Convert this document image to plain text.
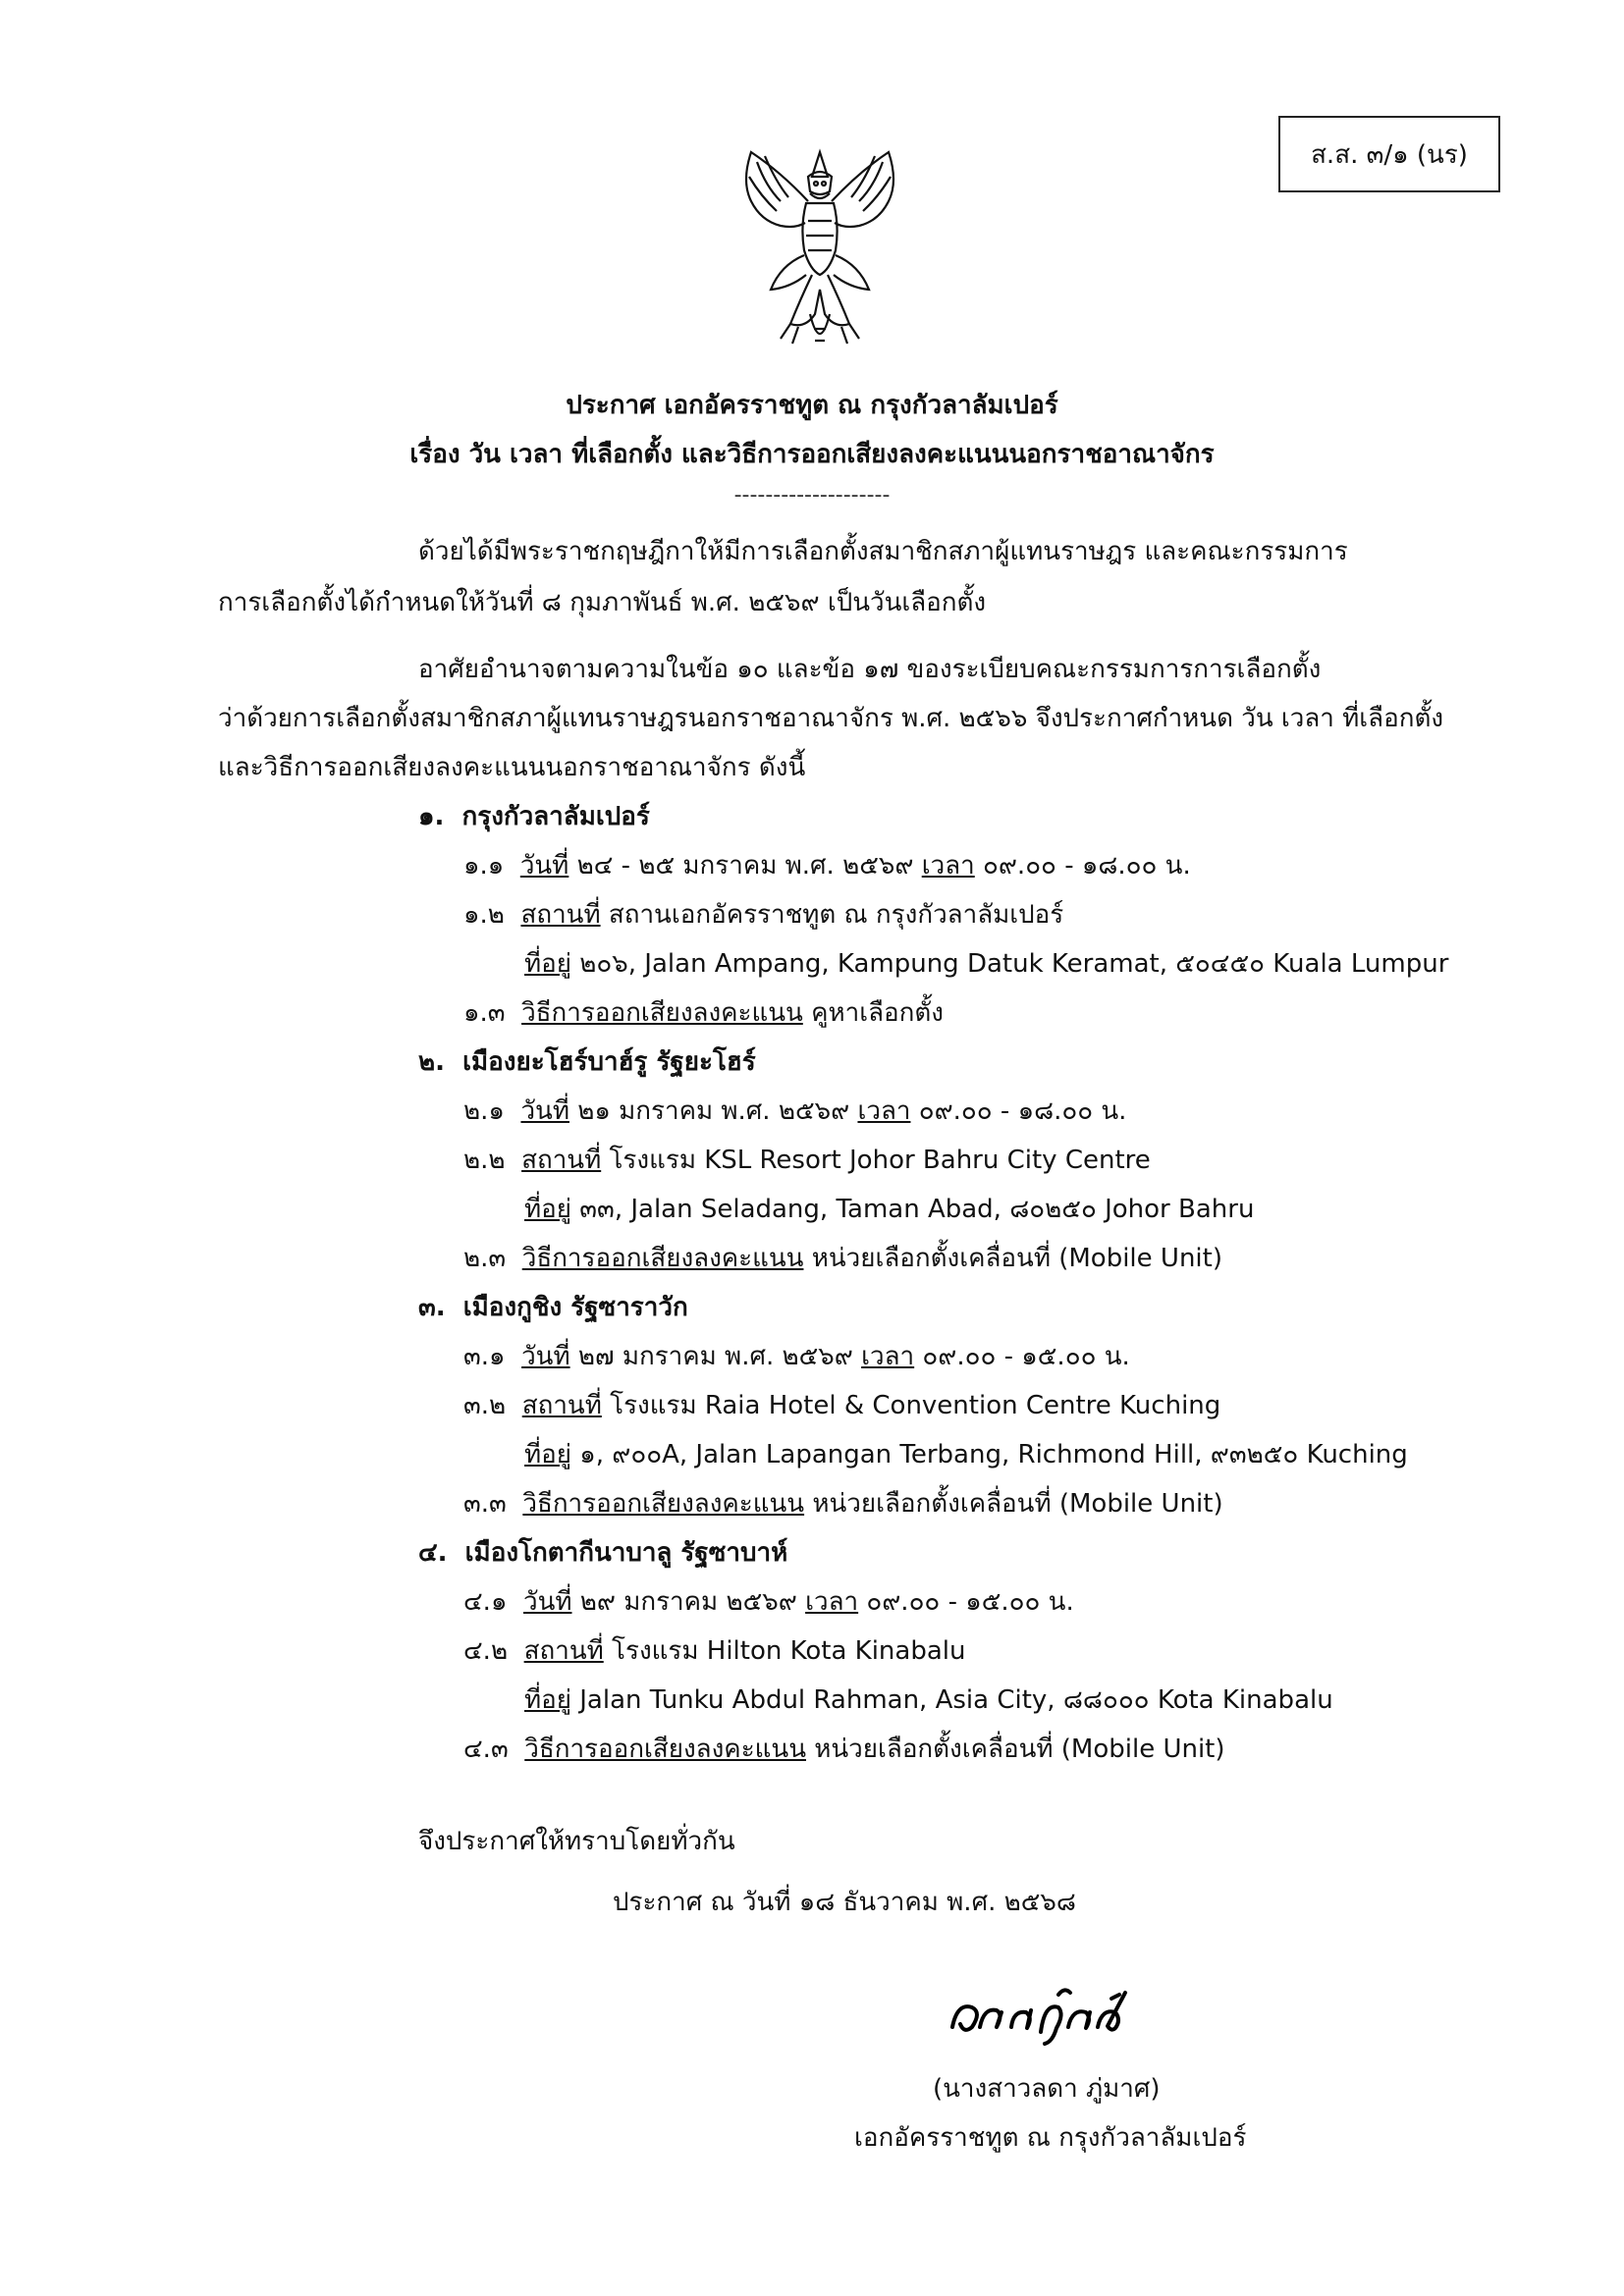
ส.ส. ๓/๑ (นร)
ประกาศ เอกอัครราชทูต ณ กรุงกัวลาลัมเปอร์
เรื่อง วัน เวลา ที่เลือกตั้ง และวิธีการออกเสียงลงคะแนนนอกราชอาณาจักร
--------------------
ด้วยได้มีพระราชกฤษฎีกาให้มีการเลือกตั้งสมาชิกสภาผู้แทนราษฎร และคณะกรรมการ
การเลือกตั้งได้กำหนดให้วันที่ ๘ กุมภาพันธ์ พ.ศ. ๒๕๖๙ เป็นวันเลือกตั้ง
อาศัยอำนาจตามความในข้อ ๑๐ และข้อ ๑๗ ของระเบียบคณะกรรมการการเลือกตั้ง
ว่าด้วยการเลือกตั้งสมาชิกสภาผู้แทนราษฎรนอกราชอาณาจักร พ.ศ. ๒๕๖๖ จึงประกาศกำหนด วัน เวลา ที่เลือกตั้ง
และวิธีการออกเสียงลงคะแนนนอกราชอาณาจักร ดังนี้
๑. กรุงกัวลาลัมเปอร์
๑.๑ วันที่ ๒๔ - ๒๕ มกราคม พ.ศ. ๒๕๖๙ เวลา ๐๙.๐๐ - ๑๘.๐๐ น.
๑.๒ สถานที่ สถานเอกอัครราชทูต ณ กรุงกัวลาลัมเปอร์
ที่อยู่ ๒๐๖, Jalan Ampang, Kampung Datuk Keramat, ๕๐๔๕๐ Kuala Lumpur
๑.๓ วิธีการออกเสียงลงคะแนน คูหาเลือกตั้ง
๒. เมืองยะโฮร์บาฮ์รู รัฐยะโฮร์
๒.๑ วันที่ ๒๑ มกราคม พ.ศ. ๒๕๖๙ เวลา ๐๙.๐๐ - ๑๘.๐๐ น.
๒.๒ สถานที่ โรงแรม KSL Resort Johor Bahru City Centre
ที่อยู่ ๓๓, Jalan Seladang, Taman Abad, ๘๐๒๕๐ Johor Bahru
๒.๓ วิธีการออกเสียงลงคะแนน หน่วยเลือกตั้งเคลื่อนที่ (Mobile Unit)
๓. เมืองกูชิง รัฐซาราวัก
๓.๑ วันที่ ๒๗ มกราคม พ.ศ. ๒๕๖๙ เวลา ๐๙.๐๐ - ๑๕.๐๐ น.
๓.๒ สถานที่ โรงแรม Raia Hotel & Convention Centre Kuching
ที่อยู่ ๑, ๙๐๐A, Jalan Lapangan Terbang, Richmond Hill, ๙๓๒๕๐ Kuching
๓.๓ วิธีการออกเสียงลงคะแนน หน่วยเลือกตั้งเคลื่อนที่ (Mobile Unit)
๔. เมืองโกตากีนาบาลู รัฐซาบาห์
๔.๑ วันที่ ๒๙ มกราคม ๒๕๖๙ เวลา ๐๙.๐๐ - ๑๕.๐๐ น.
๔.๒ สถานที่ โรงแรม Hilton Kota Kinabalu
ที่อยู่ Jalan Tunku Abdul Rahman, Asia City, ๘๘๐๐๐ Kota Kinabalu
๔.๓ วิธีการออกเสียงลงคะแนน หน่วยเลือกตั้งเคลื่อนที่ (Mobile Unit)
จึงประกาศให้ทราบโดยทั่วกัน
ประกาศ ณ วันที่ ๑๘ ธันวาคม พ.ศ. ๒๕๖๘
(นางสาวลดา ภู่มาศ)
เอกอัครราชทูต ณ กรุงกัวลาลัมเปอร์
